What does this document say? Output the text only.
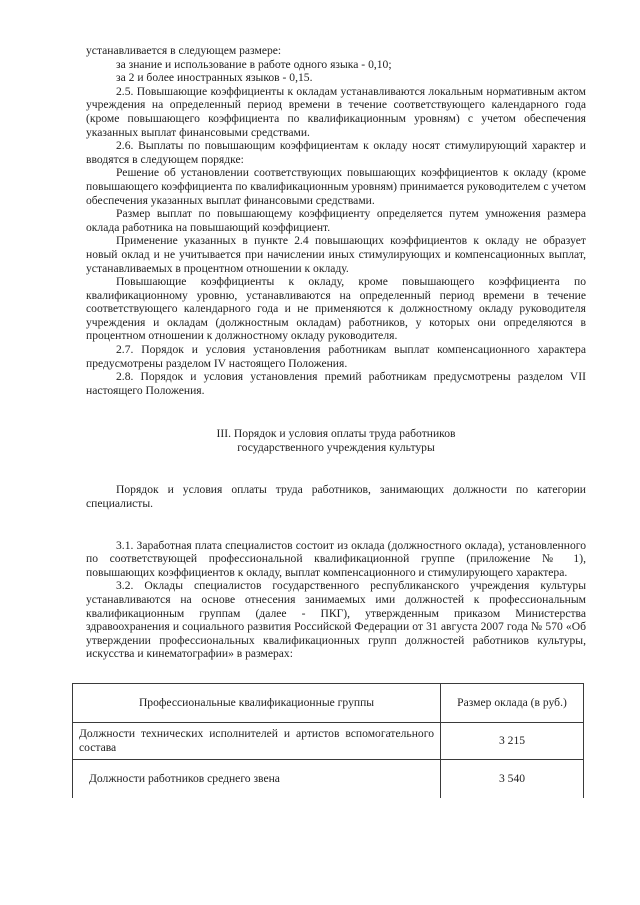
устанавливается в следующем размере:

за знание и использование в работе одного языка - 0,10;

за 2 и более иностранных языков - 0,15.

2.5. Повышающие коэффициенты к окладам устанавливаются локальным нормативным актом учреждения на определенный период времени в течение соответствующего календарного года (кроме повышающего коэффициента по квалификационным уровням) с учетом обеспечения указанных выплат финансовыми средствами.

2.6. Выплаты по повышающим коэффициентам к окладу носят стимулирующий характер и вводятся в следующем порядке:

Решение об установлении соответствующих повышающих коэффициентов к окладу (кроме повышающего коэффициента по квалификационным уровням) принимается руководителем с учетом обеспечения указанных выплат финансовыми средствами.

Размер выплат по повышающему коэффициенту определяется путем умножения размера оклада работника на повышающий коэффициент.

Применение указанных в пункте 2.4 повышающих коэффициентов к окладу не образует новый оклад и не учитывается при начислении иных стимулирующих и компенсационных выплат, устанавливаемых в процентном отношении к окладу.

Повышающие коэффициенты к окладу, кроме повышающего коэффициента по квалификационному уровню, устанавливаются на определенный период времени в течение соответствующего календарного года и не применяются к должностному окладу руководителя учреждения и окладам (должностным окладам) работников, у которых они определяются в процентном отношении к должностному окладу руководителя.

2.7. Порядок и условия установления работникам выплат компенсационного характера предусмотрены разделом IV настоящего Положения.

2.8. Порядок и условия установления премий работникам предусмотрены разделом VII настоящего Положения.

III. Порядок и условия оплаты труда работников
государственного учреждения культуры

Порядок и условия оплаты труда работников, занимающих должности по категории специалисты.

3.1. Заработная плата специалистов состоит из оклада (должностного оклада), установленного по соответствующей профессиональной квалификационной группе (приложение № 1), повышающих коэффициентов к окладу, выплат компенсационного и стимулирующего характера.

3.2. Оклады специалистов государственного республиканского учреждения культуры устанавливаются на основе отнесения занимаемых ими должностей к профессиональным квалификационным группам (далее - ПКГ), утвержденным приказом Министерства здравоохранения и социального развития Российской Федерации от 31 августа 2007 года № 570 «Об утверждении профессиональных квалификационных групп должностей работников культуры, искусства и кинематографии» в размерах:

Профессиональные квалификационные группы	Размер оклада (в руб.)
Должности технических исполнителей и артистов вспомогательного состава	3 215
Должности работников среднего звена	3 540
